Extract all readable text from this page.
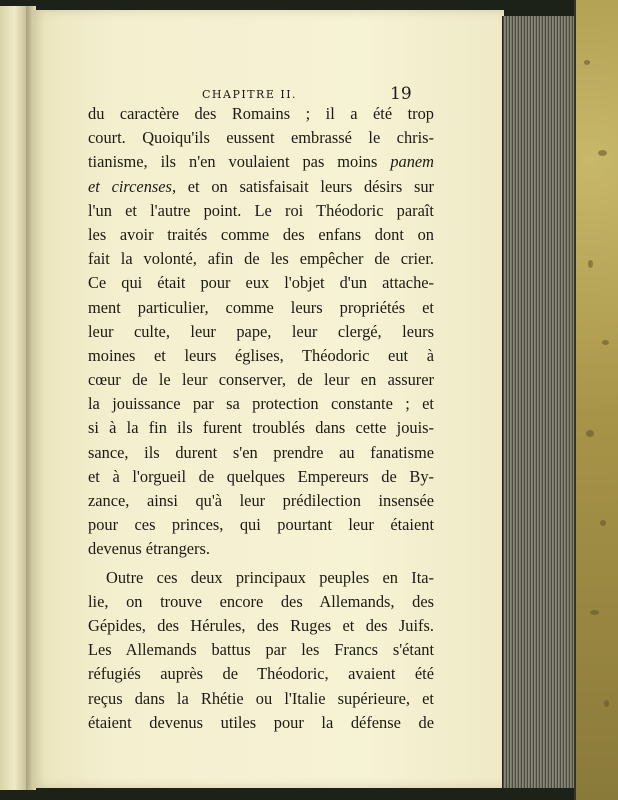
CHAPITRE II.	19
du caractère des Romains ; il a été trop
court. Quoiqu'ils eussent embrassé le chris-
tianisme, ils n'en voulaient pas moins panem
et circenses, et on satisfaisait leurs désirs sur
l'un et l'autre point. Le roi Théodoric paraît
les avoir traités comme des enfans dont on
fait la volonté, afin de les empêcher de crier.
Ce qui était pour eux l'objet d'un attache-
ment particulier, comme leurs propriétés et
leur culte, leur pape, leur clergé, leurs
moines et leurs églises, Théodoric eut à
cœur de le leur conserver, de leur en assurer
la jouissance par sa protection constante ; et
si à la fin ils furent troublés dans cette jouis-
sance, ils durent s'en prendre au fanatisme
et à l'orgueil de quelques Empereurs de By-
zance, ainsi qu'à leur prédilection insensée
pour ces princes, qui pourtant leur étaient
devenus étrangers.
Outre ces deux principaux peuples en Ita-
lie, on trouve encore des Allemands, des
Gépides, des Hérules, des Ruges et des Juifs.
Les Allemands battus par les Francs s'étant
réfugiés auprès de Théodoric, avaient été
reçus dans la Rhétie ou l'Italie supérieure, et
étaient devenus utiles pour la défense de
